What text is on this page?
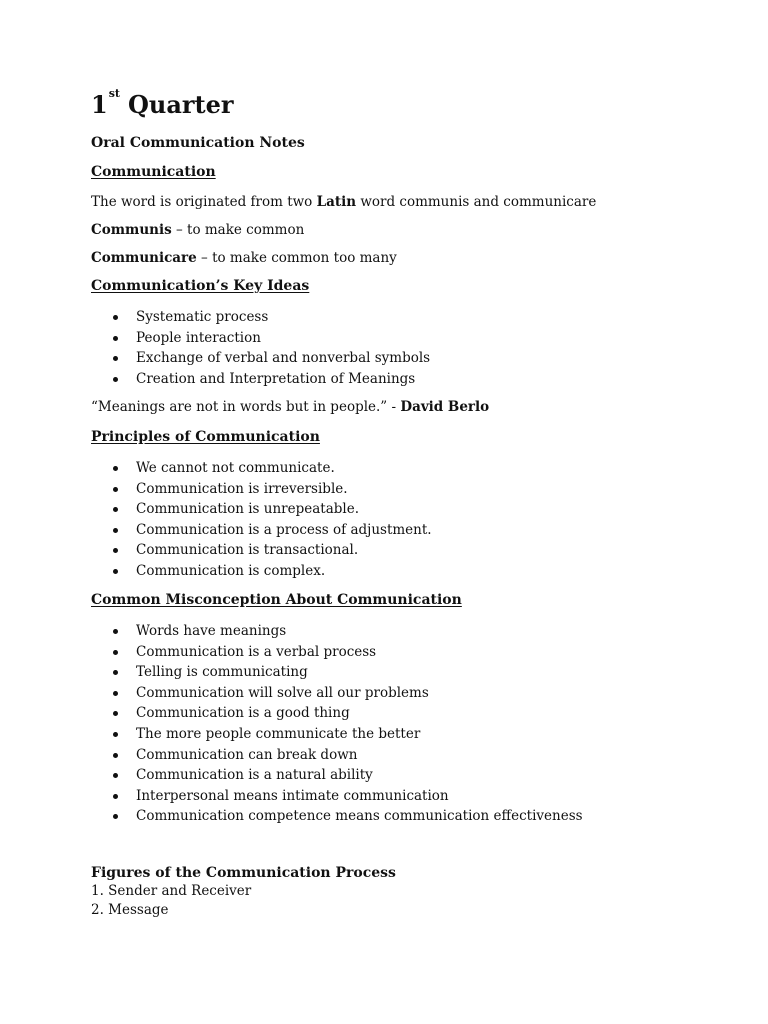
1st Quarter
Oral Communication Notes
Communication
The word is originated from two Latin word communis and communicare
Communis – to make common
Communicare – to make common too many
Communication’s Key Ideas
Systematic process
People interaction
Exchange of verbal and nonverbal symbols
Creation and Interpretation of Meanings
“Meanings are not in words but in people.” - David Berlo
Principles of Communication
We cannot not communicate.
Communication is irreversible.
Communication is unrepeatable.
Communication is a process of adjustment.
Communication is transactional.
Communication is complex.
Common Misconception About Communication
Words have meanings
Communication is a verbal process
Telling is communicating
Communication will solve all our problems
Communication is a good thing
The more people communicate the better
Communication can break down
Communication is a natural ability
Interpersonal means intimate communication
Communication competence means communication effectiveness
Figures of the Communication Process
1. Sender and Receiver
2. Message
